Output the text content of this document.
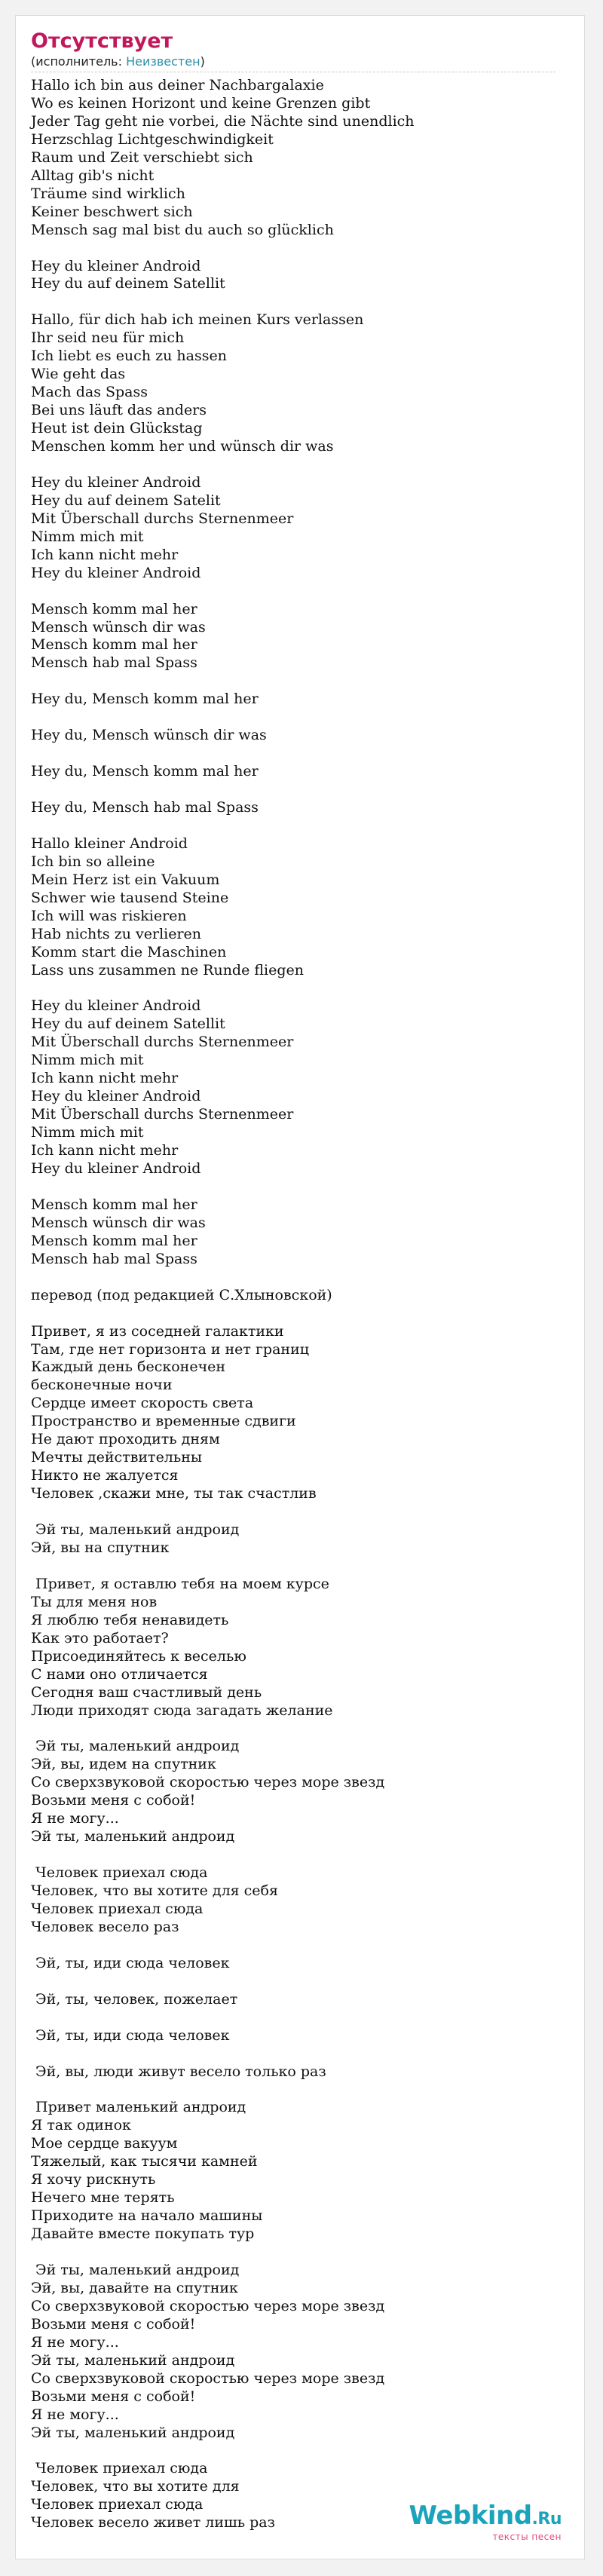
Отсутствует
(исполнитель: Неизвестен)
Hallo ich bin aus deiner Nachbargalaxie
Wo es keinen Horizont und keine Grenzen gibt
Jeder Tag geht nie vorbei, die Nächte sind unendlich
Herzschlag Lichtgeschwindigkeit
Raum und Zeit verschiebt sich
Alltag gib's nicht
Träume sind wirklich
Keiner beschwert sich
Mensch sag mal bist du auch so glücklich
Hey du kleiner Android
Hey du auf deinem Satellit
Hallo, für dich hab ich meinen Kurs verlassen
Ihr seid neu für mich
Ich liebt es euch zu hassen
Wie geht das
Mach das Spass
Bei uns läuft das anders
Heut ist dein Glückstag
Menschen komm her und wünsch dir was
Hey du kleiner Android
Hey du auf deinem Satelit
Mit Überschall durchs Sternenmeer
Nimm mich mit
Ich kann nicht mehr
Hey du kleiner Android
Mensch komm mal her
Mensch wünsch dir was
Mensch komm mal her
Mensch hab mal Spass
Hey du, Mensch komm mal her
Hey du, Mensch wünsch dir was
Hey du, Mensch komm mal her
Hey du, Mensch hab mal Spass
Hallo kleiner Android
Ich bin so alleine
Mein Herz ist ein Vakuum
Schwer wie tausend Steine
Ich will was riskieren
Hab nichts zu verlieren
Komm start die Maschinen
Lass uns zusammen ne Runde fliegen
Hey du kleiner Android
Hey du auf deinem Satellit
Mit Überschall durchs Sternenmeer
Nimm mich mit
Ich kann nicht mehr
Hey du kleiner Android
Mit Überschall durchs Sternenmeer
Nimm mich mit
Ich kann nicht mehr
Hey du kleiner Android
Mensch komm mal her
Mensch wünsch dir was
Mensch komm mal her
Mensch hab mal Spass
перевод (под редакцией С.Хлыновской)
Привет, я из соседней галактики
Там, где нет горизонта и нет границ
Каждый день бесконечен
бесконечные ночи
Сердце имеет скорость света
Пространство и временные сдвиги
Не дают проходить дням
Мечты действительны
Никто не жалуется
Человек ,скажи мне, ты так счастлив
Эй ты, маленький андроид
Эй, вы на спутник
Привет, я оставлю тебя на моем курсе
Ты для меня нов
Я люблю тебя ненавидеть
Как это работает?
Присоединяйтесь к веселью
С нами оно отличается
Сегодня ваш счастливый день
Люди приходят сюда загадать желание
Эй ты, маленький андроид
Эй, вы, идем на спутник
Со сверхзвуковой скоростью через море звезд
Возьми меня с собой!
Я не могу...
Эй ты, маленький андроид
Человек приехал сюда
Человек, что вы хотите для себя
Человек приехал сюда
Человек весело раз
Эй, ты, иди сюда человек
Эй, ты, человек, пожелает
Эй, ты, иди сюда человек
Эй, вы, люди живут весело только раз
Привет маленький андроид
Я так одинок
Мое сердце вакуум
Тяжелый, как тысячи камней
Я хочу рискнуть
Нечего мне терять
Приходите на начало машины
Давайте вместе покупать тур
Эй ты, маленький андроид
Эй, вы, давайте на спутник
Со сверхзвуковой скоростью через море звезд
Возьми меня с собой!
Я не могу...
Эй ты, маленький андроид
Со сверхзвуковой скоростью через море звезд
Возьми меня с собой!
Я не могу...
Эй ты, маленький андроид
Человек приехал сюда
Человек, что вы хотите для
Человек приехал сюда
Человек весело живет лишь раз	Webkind.Ru
тексты песен
